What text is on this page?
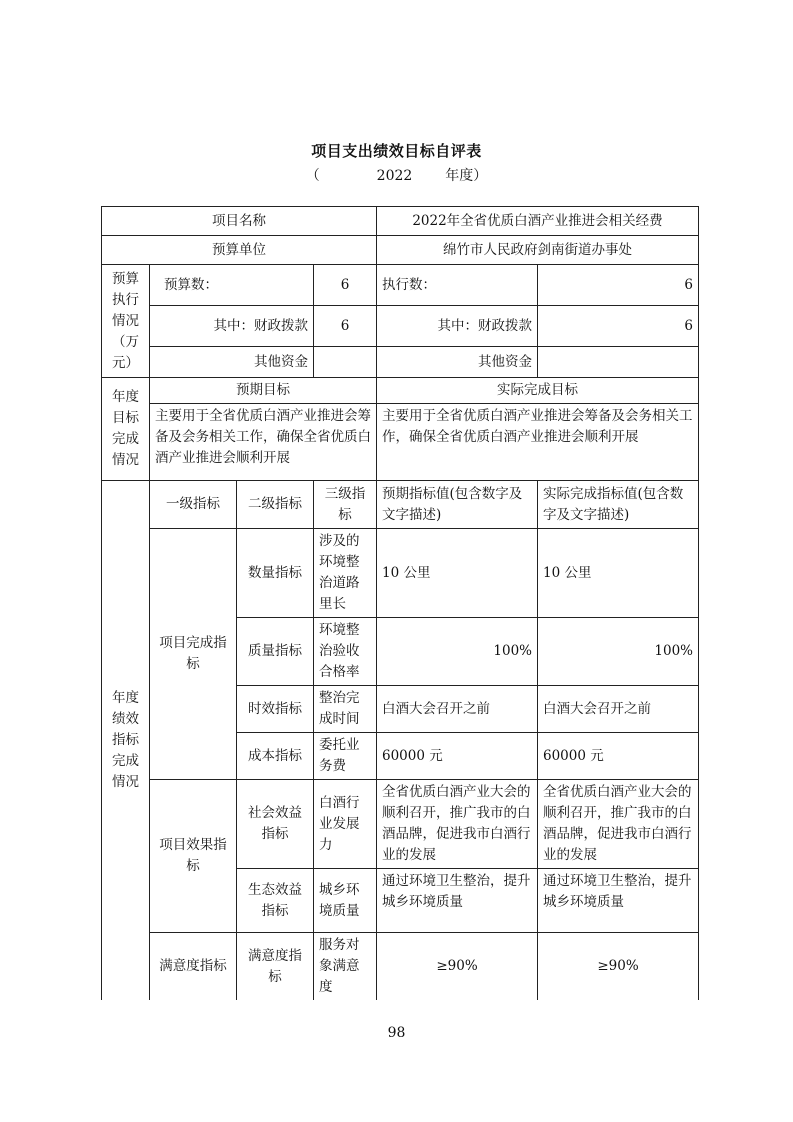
项目支出绩效目标自评表
（	2022 年度）
项目名称				2022年全省优质白酒产业推进会相关经费	
预算单位				绵竹市人民政府剑南街道办事处	
预算执行情况（万元）	预算数：		6	执行数：	6
	其中：财政拨款		6	其中：财政拨款	6
	其他资金			其他资金	
年度目标完成情况	预期目标			实际完成目标	
	主要用于全省优质白酒产业推进会筹备及会务相关工作，确保全省优质白酒产业推进会顺利开展			主要用于全省优质白酒产业推进会筹备及会务相关工作，确保全省优质白酒产业推进会顺利开展	
年度绩效指标完成情况	一级指标	二级指标	三级指标	预期指标值(包含数字及文字描述)	实际完成指标值(包含数字及文字描述)
	项目完成指标	数量指标	涉及的环境整治道路里长	10 公里	10 公里
		质量指标	环境整治验收合格率	100%	100%
		时效指标	整治完成时间	白酒大会召开之前	白酒大会召开之前
		成本指标	委托业务费	60000 元	60000 元
	项目效果指标	社会效益指标	白酒行业发展力	全省优质白酒产业大会的顺利召开，推广我市的白酒品牌，促进我市白酒行业的发展	全省优质白酒产业大会的顺利召开，推广我市的白酒品牌，促进我市白酒行业的发展
		生态效益指标	城乡环境质量	通过环境卫生整治，提升城乡环境质量	通过环境卫生整治，提升城乡环境质量
	满意度指标	满意度指标	服务对象满意度	≥90%	≥90%
98
